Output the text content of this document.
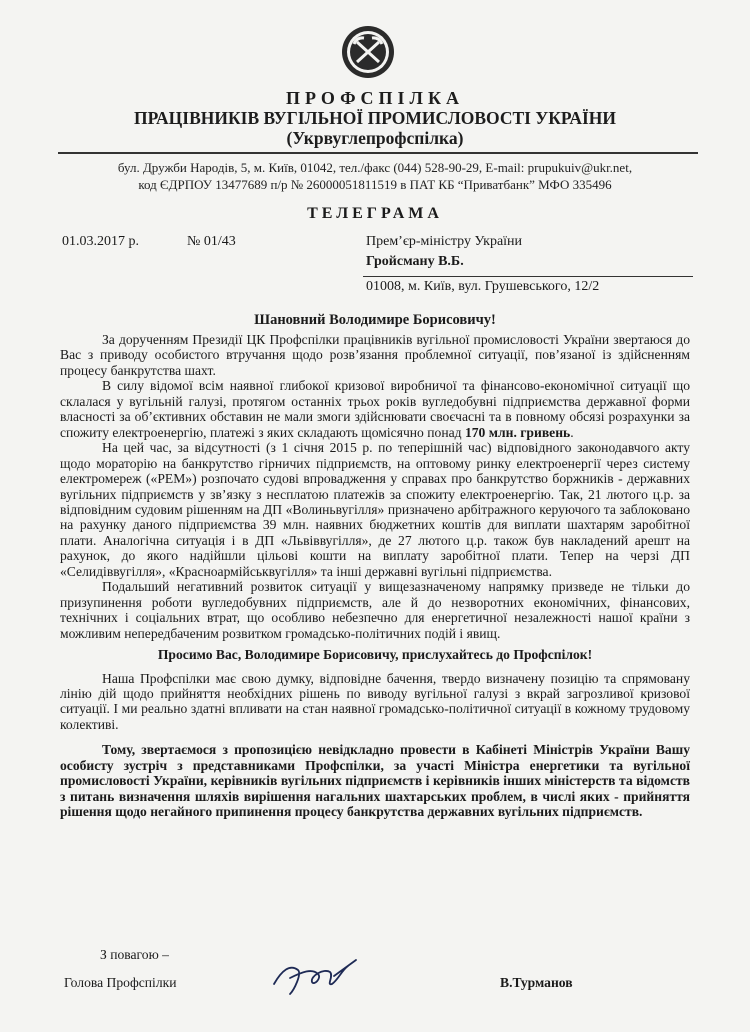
ПРОФСПІЛКА
ПРАЦІВНИКІВ ВУГІЛЬНОЇ ПРОМИСЛОВОСТІ УКРАЇНИ
(Укрвуглепрофспілка)
бул. Дружби Народів, 5, м. Київ, 01042, тел./факс (044) 528-90-29, E-mail: prupukuiv@ukr.net,
код ЄДРПОУ 13477689 п/р № 26000051811519 в ПАТ КБ “Приватбанк” МФО 335496
ТЕЛЕГРАМА
01.03.2017 р.	№ 01/43	Прем’єр-міністру України
Гройсману В.Б.
01008, м. Київ, вул. Грушевського, 12/2
Шановний Володимире Борисовичу!

За дорученням Президії ЦК Профспілки працівників вугільної промисловості України звертаюся до Вас з приводу особистого втручання щодо розв’язання проблемної ситуації, пов’язаної із здійсненням процесу банкрутства шахт.

В силу відомої всім наявної глибокої кризової виробничої та фінансово-економічної ситуації що склалася у вугільній галузі, протягом останніх трьох років вугледобувні підприємства державної форми власності за об’єктивних обставин не мали змоги здійснювати своєчасні та в повному обсязі розрахунки за спожиту електроенергію, платежі з яких складають щомісячно понад 170 млн. гривень.

На цей час, за відсутності (з 1 січня 2015 р. по теперішній час) відповідного законодавчого акту щодо мораторію на банкрутство гірничих підприємств, на оптовому ринку електроенергії через систему електромереж («РЕМ») розпочато судові впровадження у справах про банкрутство боржників - державних вугільних підприємств у зв’язку з несплатою платежів за спожиту електроенергію. Так, 21 лютого ц.р. за відповідним судовим рішенням на ДП «Волиньвугілля» призначено арбітражного керуючого та заблоковано на рахунку даного підприємства 39 млн. наявних бюджетних коштів для виплати шахтарям заробітної плати. Аналогічна ситуація і в ДП «Львіввугілля», де 27 лютого ц.р. також був накладений арешт на рахунок, до якого надійшли цільові кошти на виплату заробітної плати. Тепер на черзі ДП «Селидіввугілля», «Красноармійськвугілля» та інші державні вугільні підприємства.

Подальший негативний розвиток ситуації у вищезазначеному напрямку призведе не тільки до призупинення роботи вугледобувних підприємств, але й до незворотних економічних, фінансових, технічних і соціальних втрат, що особливо небезпечно для енергетичної незалежності нашої країни з можливим непередбаченим розвитком громадсько-політичних подій і явищ.

Просимо Вас, Володимире Борисовичу, прислухайтесь до Профспілок!

Наша Профспілки має свою думку, відповідне бачення, твердо визначену позицію та спрямовану лінію дій щодо прийняття необхідних рішень по виводу вугільної галузі з вкрай загрозливої кризової ситуації. І ми реально здатні впливати на стан наявної громадсько-політичної ситуації в кожному трудовому колективі.

Тому, звертаємося з пропозицією невідкладно провести в Кабінеті Міністрів України Вашу особисту зустріч з представниками Профспілки, за участі Міністра енергетики та вугільної промисловості України, керівників вугільних підприємств і керівників інших міністерств та відомств з питань визначення шляхів вирішення нагальних шахтарських проблем, в числі яких - прийняття рішення щодо негайного припинення процесу банкрутства державних вугільних підприємств.

З повагою –
Голова Профспілки	В.Турманов
